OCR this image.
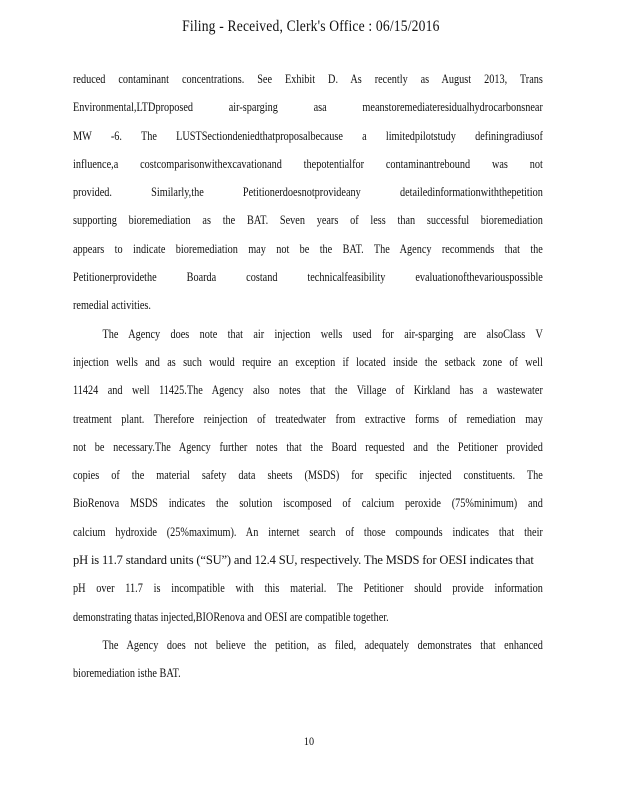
Filing - Received, Clerk's Office : 06/15/2016
reduced contaminant concentrations. See Exhibit D. As recently as August 2013, Trans
Environmental,LTDproposed air-sparging asa meanstoremediateresidualhydrocarbonsnear
MW -6. The LUSTSectiondeniedthatproposalbecause a limitedpilotstudy definingradiusof
influence,a costcomparisonwithexcavationand thepotentialfor contaminantrebound was not
provided. Similarly,the Petitionerdoesnotprovideany detailedinformationwiththepetition
supporting bioremediation as the BAT. Seven years of less than successful bioremediation
appears to indicate bioremediation may not be the BAT. The Agency recommends that the
Petitionerprovidethe Boarda costand technicalfeasibility evaluationofthevariouspossible
remedial activities.
The Agency does note that air injection wells used for air-sparging are alsoClass V
injection wells and as such would require an exception if located inside the setback zone of well
11424 and well 11425.The Agency also notes that the Village of Kirkland has a wastewater
treatment plant. Therefore reinjection of treatedwater from extractive forms of remediation may
not be necessary.The Agency further notes that the Board requested and the Petitioner provided
copies of the material safety data sheets (MSDS) for specific injected constituents. The
BioRenova MSDS indicates the solution iscomposed of calcium peroxide (75%minimum) and
calcium hydroxide (25%maximum). An internet search of those compounds indicates that their
pH is 11.7 standard units (“SU”) and 12.4 SU, respectively. The MSDS for OESI indicates that
pH over 11.7 is incompatible with this material. The Petitioner should provide information
demonstrating thatas injected,BIORenova and OESI are compatible together.
The Agency does not believe the petition, as filed, adequately demonstrates that enhanced
bioremediation isthe BAT.
10
